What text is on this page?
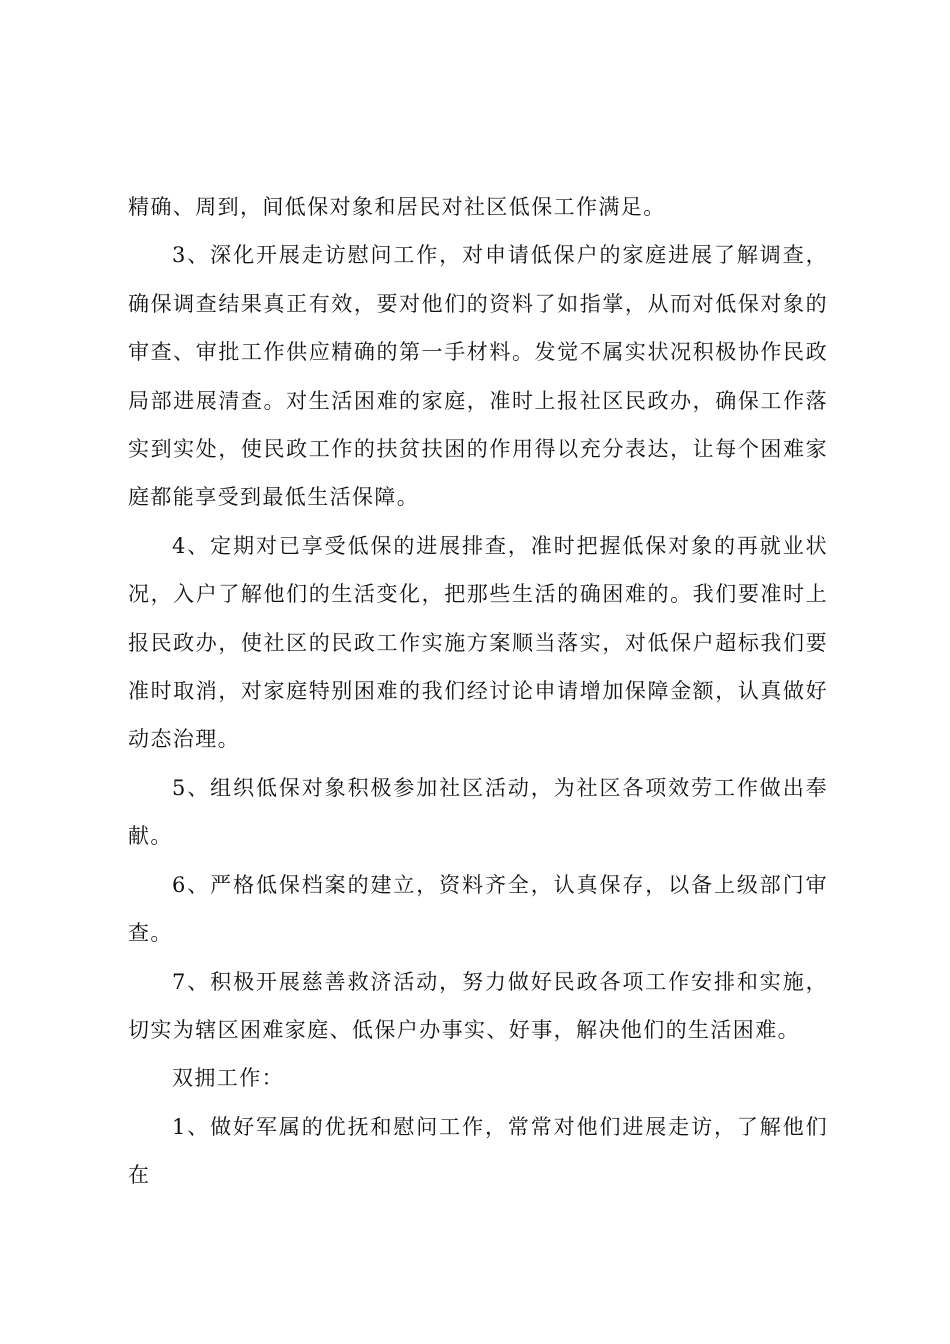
精确、周到，间低保对象和居民对社区低保工作满足。

3、深化开展走访慰问工作，对申请低保户的家庭进展了解调查，确保调查结果真正有效，要对他们的资料了如指掌，从而对低保对象的审查、审批工作供应精确的第一手材料。发觉不属实状况积极协作民政局部进展清查。对生活困难的家庭，准时上报社区民政办，确保工作落实到实处，使民政工作的扶贫扶困的作用得以充分表达，让每个困难家庭都能享受到最低生活保障。

4、定期对已享受低保的进展排查，准时把握低保对象的再就业状况，入户了解他们的生活变化，把那些生活的确困难的。我们要准时上报民政办，使社区的民政工作实施方案顺当落实，对低保户超标我们要准时取消，对家庭特别困难的我们经讨论申请增加保障金额，认真做好动态治理。

5、组织低保对象积极参加社区活动，为社区各项效劳工作做出奉献。

6、严格低保档案的建立，资料齐全，认真保存，以备上级部门审查。

7、积极开展慈善救济活动，努力做好民政各项工作安排和实施，切实为辖区困难家庭、低保户办事实、好事，解决他们的生活困难。

双拥工作：

1、做好军属的优抚和慰问工作，常常对他们进展走访，了解他们在
